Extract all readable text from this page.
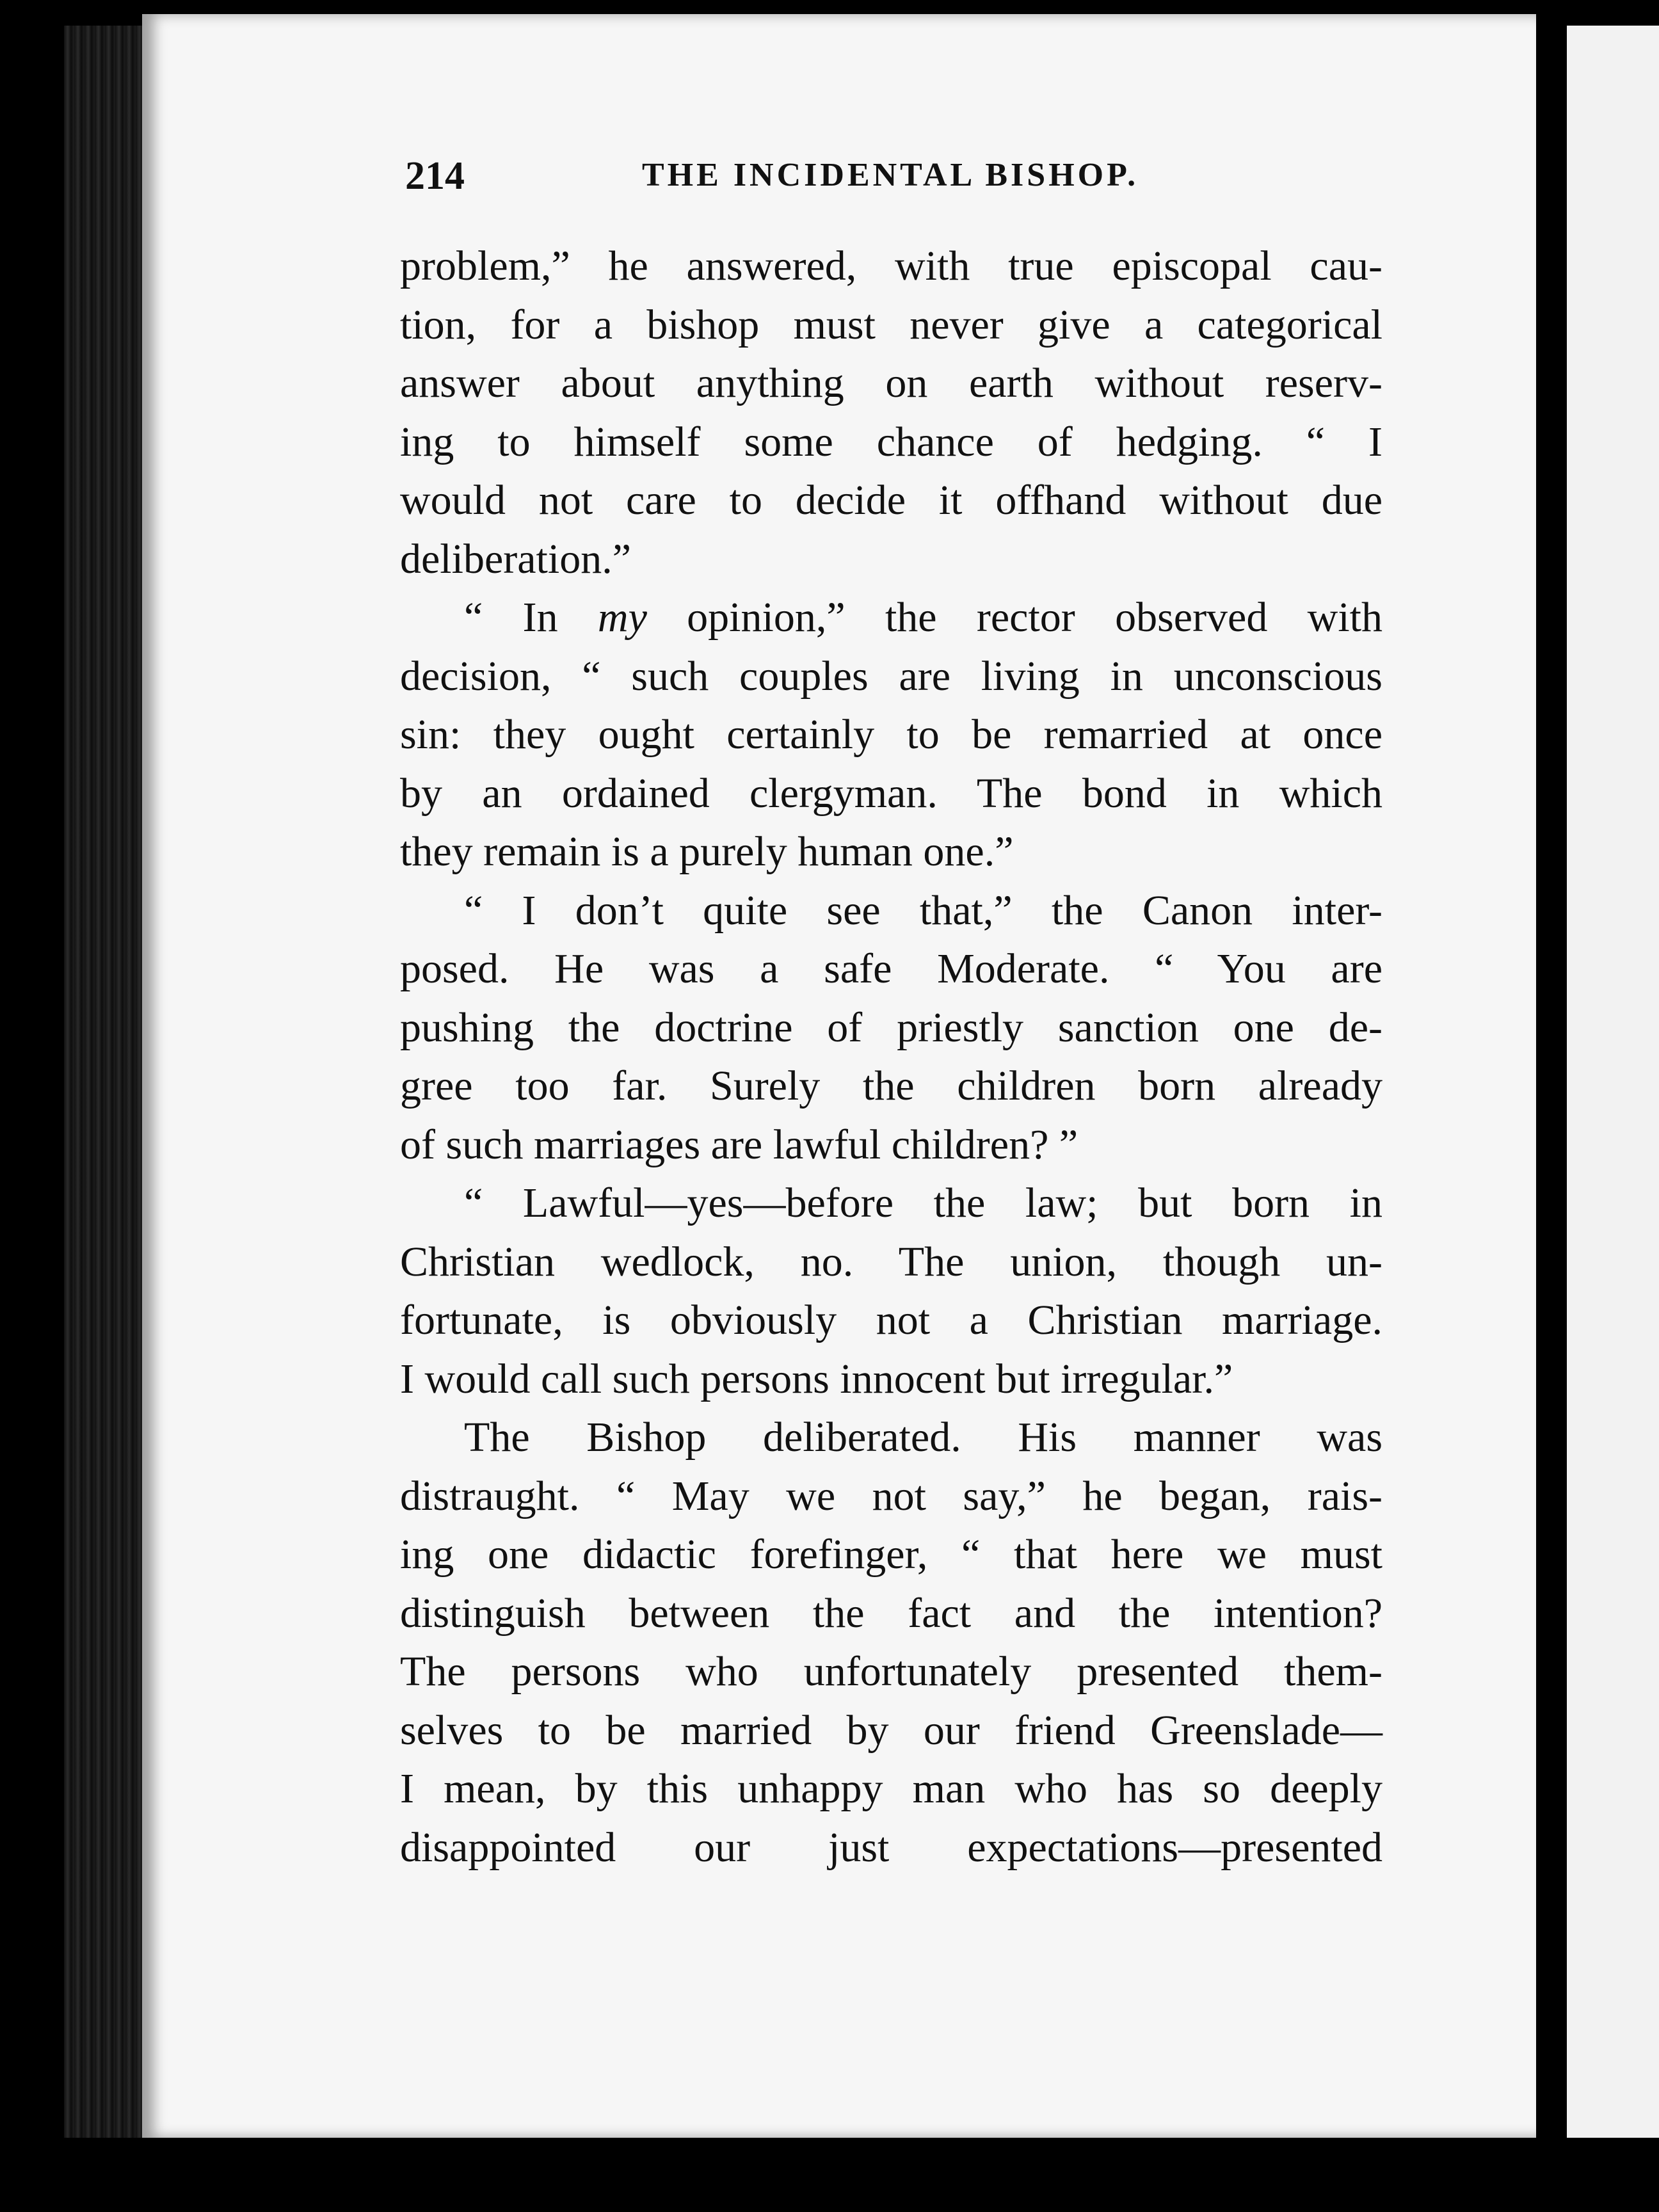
214	THE INCIDENTAL BISHOP.
problem,” he answered, with true episcopal cau-
tion, for a bishop must never give a categorical
answer about anything on earth without reserv-
ing to himself some chance of hedging. “ I
would not care to decide it offhand without due
deliberation.”
“ In my opinion,” the rector observed with
decision, “ such couples are living in unconscious
sin: they ought certainly to be remarried at once
by an ordained clergyman. The bond in which
they remain is a purely human one.”
“ I don’t quite see that,” the Canon inter-
posed. He was a safe Moderate. “ You are
pushing the doctrine of priestly sanction one de-
gree too far. Surely the children born already
of such marriages are lawful children? ”
“ Lawful—yes—before the law; but born in
Christian wedlock, no. The union, though un-
fortunate, is obviously not a Christian marriage.
I would call such persons innocent but irregular.”
The Bishop deliberated. His manner was
distraught. “ May we not say,” he began, rais-
ing one didactic forefinger, “ that here we must
distinguish between the fact and the intention?
The persons who unfortunately presented them-
selves to be married by our friend Greenslade—
I mean, by this unhappy man who has so deeply
disappointed our just expectations—presented
